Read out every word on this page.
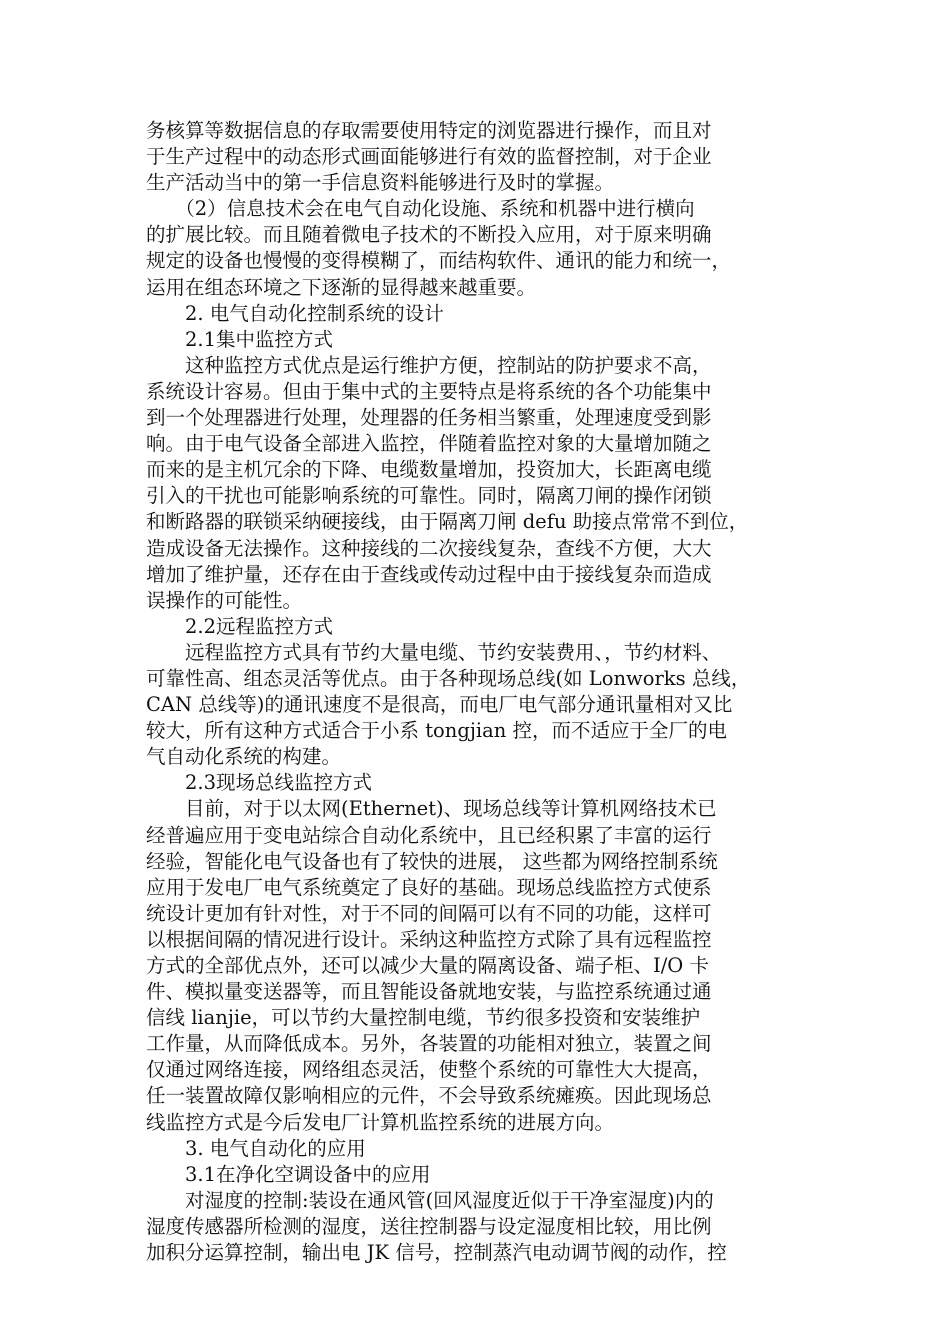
务核算等数据信息的存取需要使用特定的浏览器进行操作，而且对
于生产过程中的动态形式画面能够进行有效的监督控制，对于企业
生产活动当中的第一手信息资料能够进行及时的掌握。
　　（2）信息技术会在电气自动化设施、系统和机器中进行横向
的扩展比较。而且随着微电子技术的不断投入应用，对于原来明确
规定的设备也慢慢的变得模糊了，而结构软件、通讯的能力和统一，
运用在组态环境之下逐渐的显得越来越重要。
　　2. 电气自动化控制系统的设计
　　2.1集中监控方式
　　这种监控方式优点是运行维护方便，控制站的防护要求不高，
系统设计容易。但由于集中式的主要特点是将系统的各个功能集中
到一个处理器进行处理，处理器的任务相当繁重，处理速度受到影
响。由于电气设备全部进入监控，伴随着监控对象的大量增加随之
而来的是主机冗余的下降、电缆数量增加，投资加大，长距离电缆
引入的干扰也可能影响系统的可靠性。同时，隔离刀闸的操作闭锁
和断路器的联锁采纳硬接线，由于隔离刀闸 defu 助接点常常不到位，
造成设备无法操作。这种接线的二次接线复杂，查线不方便，大大
增加了维护量，还存在由于查线或传动过程中由于接线复杂而造成
误操作的可能性。
　　2.2远程监控方式
　　远程监控方式具有节约大量电缆、节约安装费用、，节约材料、
可靠性高、组态灵活等优点。由于各种现场总线(如 Lonworks 总线，
CAN 总线等)的通讯速度不是很高，而电厂电气部分通讯量相对又比
较大，所有这种方式适合于小系 tongjian 控，而不适应于全厂的电
气自动化系统的构建。
　　2.3现场总线监控方式
　　目前，对于以太网(Ethernet)、现场总线等计算机网络技术已
经普遍应用于变电站综合自动化系统中，且已经积累了丰富的运行
经验，智能化电气设备也有了较快的进展， 这些都为网络控制系统
应用于发电厂电气系统奠定了良好的基础。现场总线监控方式使系
统设计更加有针对性，对于不同的间隔可以有不同的功能，这样可
以根据间隔的情况进行设计。采纳这种监控方式除了具有远程监控
方式的全部优点外，还可以减少大量的隔离设备、端子柜、I/O 卡
件、模拟量变送器等，而且智能设备就地安装，与监控系统通过通
信线 lianjie，可以节约大量控制电缆，节约很多投资和安装维护
工作量，从而降低成本。另外，各装置的功能相对独立，装置之间
仅通过网络连接，网络组态灵活，使整个系统的可靠性大大提高，
任一装置故障仅影响相应的元件，不会导致系统瘫痪。因此现场总
线监控方式是今后发电厂计算机监控系统的进展方向。
　　3. 电气自动化的应用
　　3.1在净化空调设备中的应用
　　对湿度的控制:装设在通风管(回风湿度近似于干净室湿度)内的
湿度传感器所检测的湿度，送往控制器与设定湿度相比较，用比例
加积分运算控制，输出电 JK 信号，控制蒸汽电动调节阀的动作，控
